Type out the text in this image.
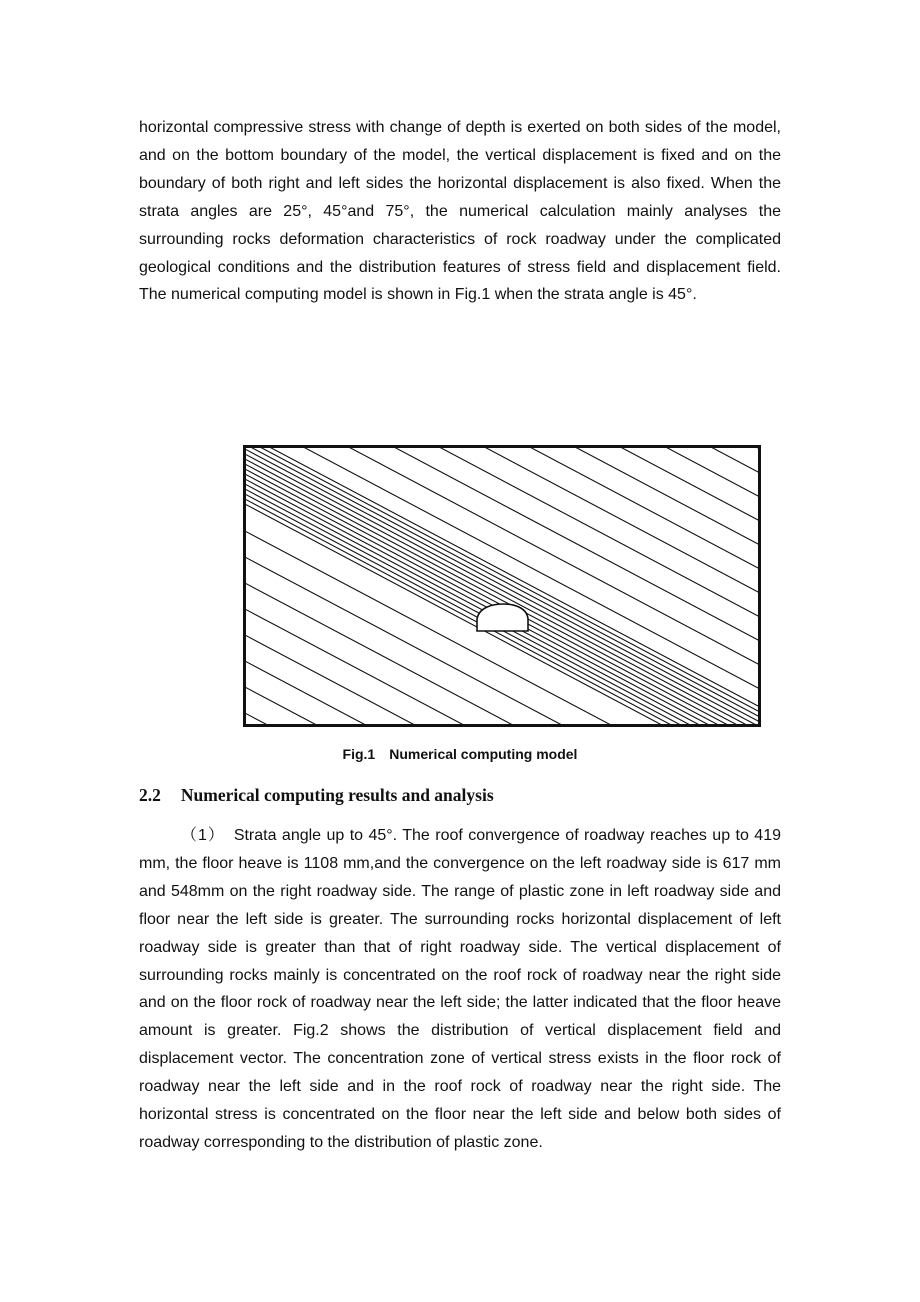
horizontal compressive stress with change of depth is exerted on both sides of the model, and on the bottom boundary of the model, the vertical displacement is fixed and on the boundary of both right and left sides the horizontal displacement is also fixed. When the strata angles are 25°, 45°and 75°, the numerical calculation mainly analyses the surrounding rocks deformation characteristics of rock roadway under the complicated geological conditions and the distribution features of stress field and displacement field. The numerical computing model is shown in Fig.1 when the strata angle is 45°.

Fig.1 Numerical computing model
2.2 Numerical computing results and analysis

（1）　Strata angle up to 45°. The roof convergence of roadway reaches up to 419 mm, the floor heave is 1108 mm,and the convergence on the left roadway side is 617 mm and 548mm on the right roadway side. The range of plastic zone in left roadway side and floor near the left side is greater. The surrounding rocks horizontal displacement of left roadway side is greater than that of right roadway side. The vertical displacement of surrounding rocks mainly is concentrated on the roof rock of roadway near the right side and on the floor rock of roadway near the left side; the latter indicated that the floor heave amount is greater. Fig.2 shows the distribution of vertical displacement field and displacement vector. The concentration zone of vertical stress exists in the floor rock of roadway near the left side and in the roof rock of roadway near the right side. The horizontal stress is concentrated on the floor near the left side and below both sides of roadway corresponding to the distribution of plastic zone.
